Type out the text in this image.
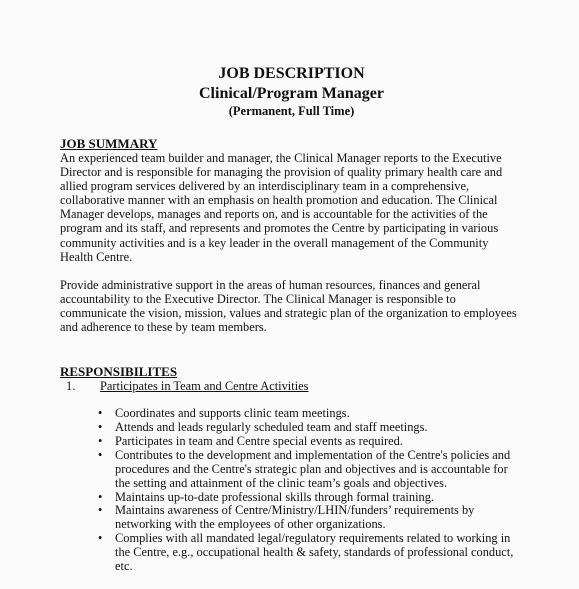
JOB DESCRIPTION
Clinical/Program Manager
(Permanent, Full Time)
JOB SUMMARY

An experienced team builder and manager, the Clinical Manager reports to the Executive Director and is responsible for managing the provision of quality primary health care and allied program services delivered by an interdisciplinary team in a comprehensive, collaborative manner with an emphasis on health promotion and education. The Clinical Manager develops, manages and reports on, and is accountable for the activities of the program and its staff, and represents and promotes the Centre by participating in various community activities and is a key leader in the overall management of the Community Health Centre.

Provide administrative support in the areas of human resources, finances and general accountability to the Executive Director. The Clinical Manager is responsible to communicate the vision, mission, values and strategic plan of the organization to employees and adherence to these by team members.

RESPONSIBILITES
1.	Participates in Team and Centre Activities
• Coordinates and supports clinic team meetings.
• Attends and leads regularly scheduled team and staff meetings.
• Participates in team and Centre special events as required.
• Contributes to the development and implementation of the Centre's policies and procedures and the Centre's strategic plan and objectives and is accountable for the setting and attainment of the clinic team’s goals and objectives.
• Maintains up-to-date professional skills through formal training.
• Maintains awareness of Centre/Ministry/LHIN/funders’ requirements by networking with the employees of other organizations.
• Complies with all mandated legal/regulatory requirements related to working in the Centre, e.g., occupational health & safety, standards of professional conduct, etc.
